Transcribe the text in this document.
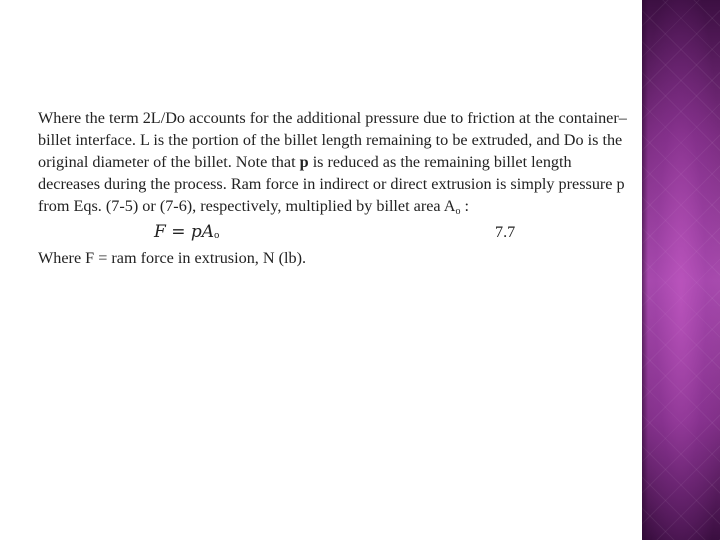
Where the term 2L/Do accounts for the additional pressure due to friction at the container– billet interface. L is the portion of the billet length remaining to be extruded, and Do is the original diameter of the billet. Note that p is reduced as the remaining billet length decreases during the process. Ram force in indirect or direct extrusion is simply pressure p from Eqs. (7-5) or (7-6), respectively, multiplied by billet area Ao :

F = pAo	7.7

Where F = ram force in extrusion, N (lb).
